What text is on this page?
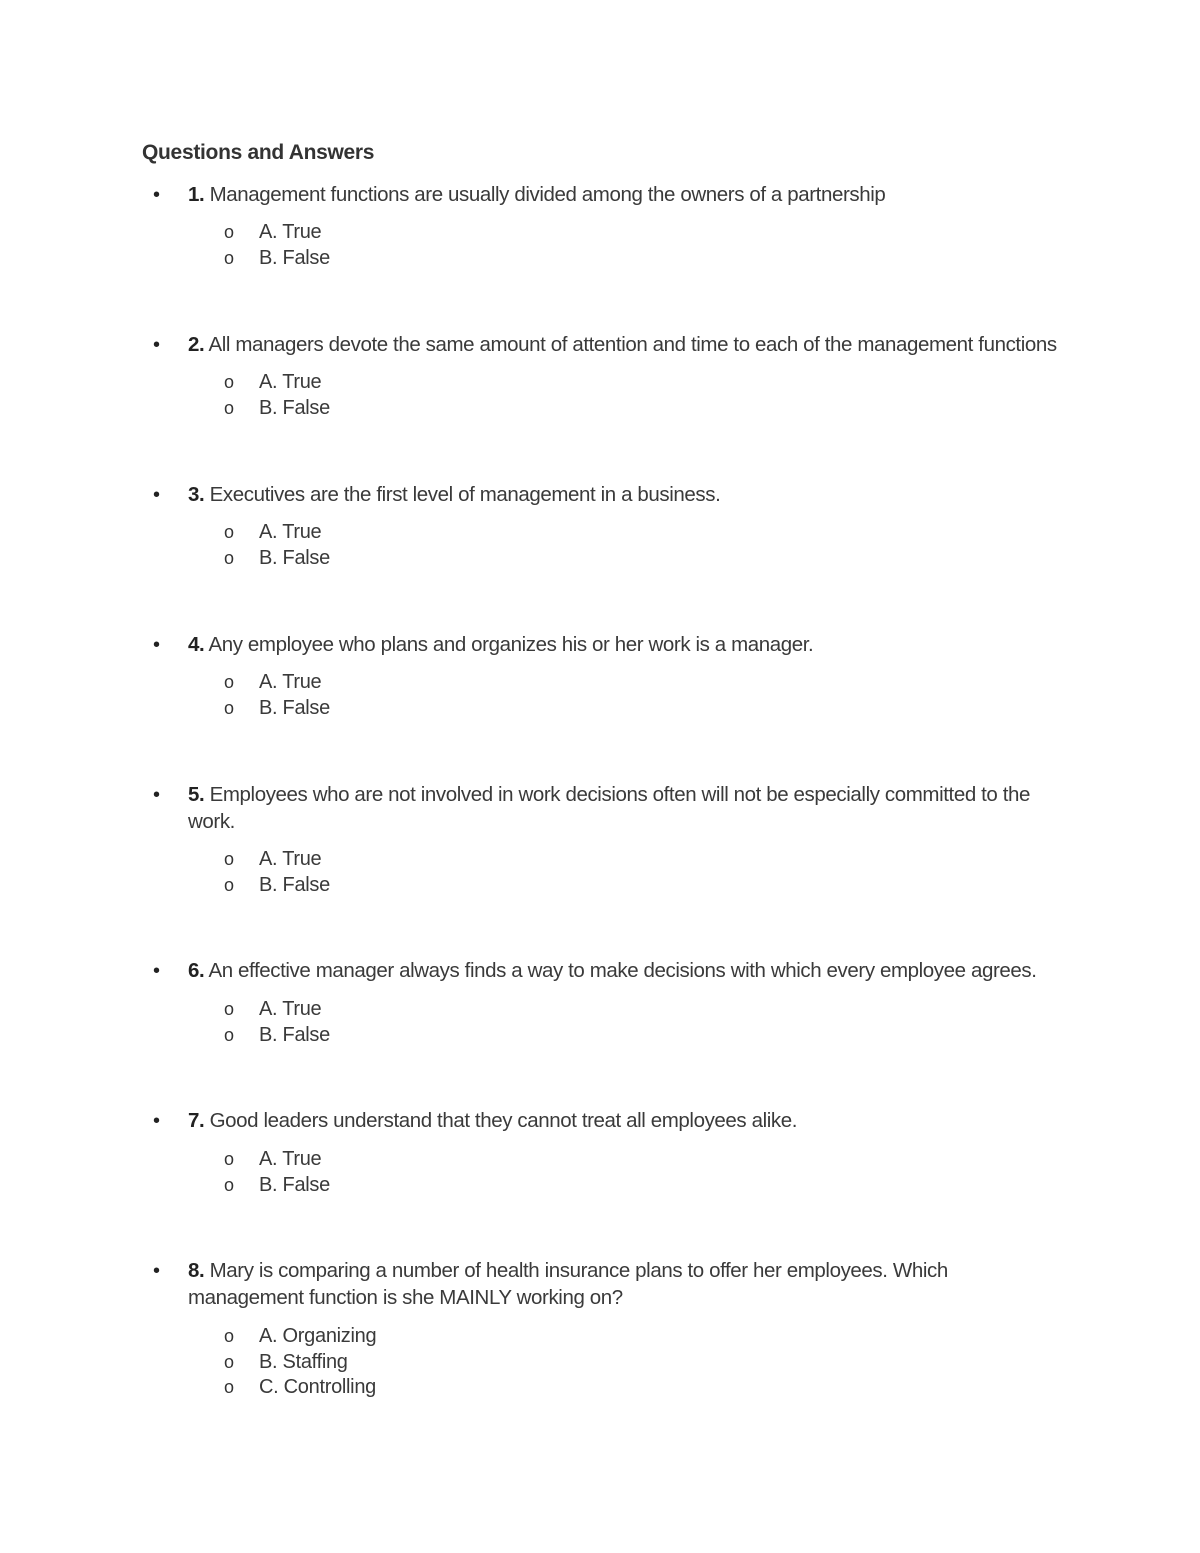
Questions and Answers
• 1. Management functions are usually divided among the owners of a partnership
o A. True
o B. False
• 2. All managers devote the same amount of attention and time to each of the management functions
o A. True
o B. False
• 3. Executives are the first level of management in a business.
o A. True
o B. False
• 4. Any employee who plans and organizes his or her work is a manager.
o A. True
o B. False
• 5. Employees who are not involved in work decisions often will not be especially committed to the work.
o A. True
o B. False
• 6. An effective manager always finds a way to make decisions with which every employee agrees.
o A. True
o B. False
• 7. Good leaders understand that they cannot treat all employees alike.
o A. True
o B. False
• 8. Mary is comparing a number of health insurance plans to offer her employees. Which management function is she MAINLY working on?
o A. Organizing
o B. Staffing
o C. Controlling
